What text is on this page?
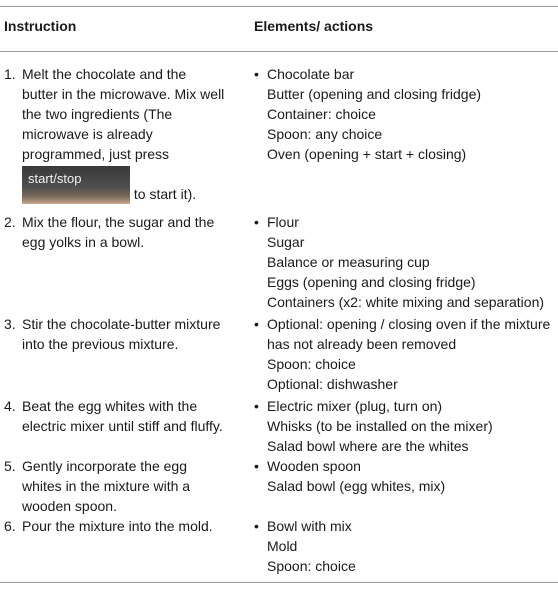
Instruction	Elements/ actions
1. Melt the chocolate and the
butter in the microwave. Mix well
the two ingredients (The
microwave is already
programmed, just press
start/stop
to start it).
• Chocolate bar
Butter (opening and closing fridge)
Container: choice
Spoon: any choice
Oven (opening + start + closing)
2. Mix the flour, the sugar and the
egg yolks in a bowl.
• Flour
Sugar
Balance or measuring cup
Eggs (opening and closing fridge)
Containers (x2: white mixing and separation)
3. Stir the chocolate-butter mixture
into the previous mixture.
• Optional: opening / closing oven if the mixture
has not already been removed
Spoon: choice
Optional: dishwasher
4. Beat the egg whites with the
electric mixer until stiff and fluffy.
• Electric mixer (plug, turn on)
Whisks (to be installed on the mixer)
Salad bowl where are the whites
5. Gently incorporate the egg
whites in the mixture with a
wooden spoon.
• Wooden spoon
Salad bowl (egg whites, mix)
6. Pour the mixture into the mold.	• Bowl with mix
Mold
Spoon: choice
